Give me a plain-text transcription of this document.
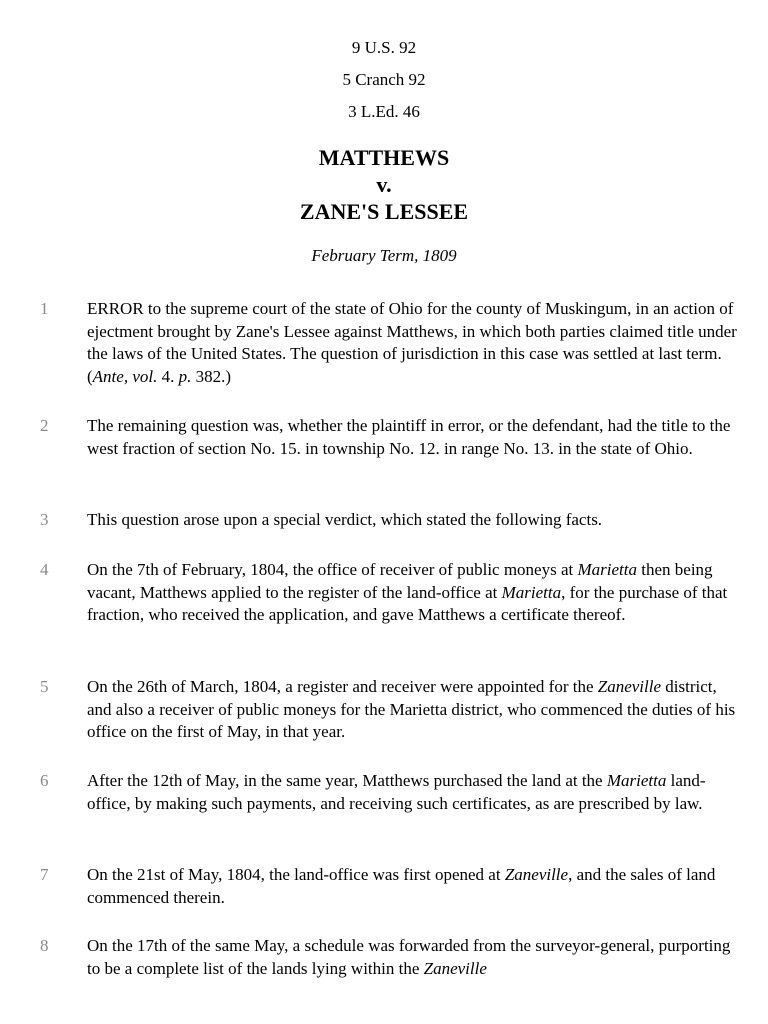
9 U.S. 92
5 Cranch 92
3 L.Ed. 46
MATTHEWS
v.
ZANE'S LESSEE
February Term, 1809
1	ERROR to the supreme court of the state of Ohio for the county of Muskingum, in an action of ejectment brought by Zane's Lessee against Matthews, in which both parties claimed title under the laws of the United States. The question of jurisdiction in this case was settled at last term. (Ante, vol. 4. p. 382.)
2	The remaining question was, whether the plaintiff in error, or the defendant, had the title to the west fraction of section No. 15. in township No. 12. in range No. 13. in the state of Ohio.
3	This question arose upon a special verdict, which stated the following facts.
4	On the 7th of February, 1804, the office of receiver of public moneys at Marietta then being vacant, Matthews applied to the register of the land-office at Marietta, for the purchase of that fraction, who received the application, and gave Matthews a certificate thereof.
5	On the 26th of March, 1804, a register and receiver were appointed for the Zaneville district, and also a receiver of public moneys for the Marietta district, who commenced the duties of his office on the first of May, in that year.
6	After the 12th of May, in the same year, Matthews purchased the land at the Marietta land-office, by making such payments, and receiving such certificates, as are prescribed by law.
7	On the 21st of May, 1804, the land-office was first opened at Zaneville, and the sales of land commenced therein.
8	On the 17th of the same May, a schedule was forwarded from the surveyor-general, purporting to be a complete list of the lands lying within the Zaneville
